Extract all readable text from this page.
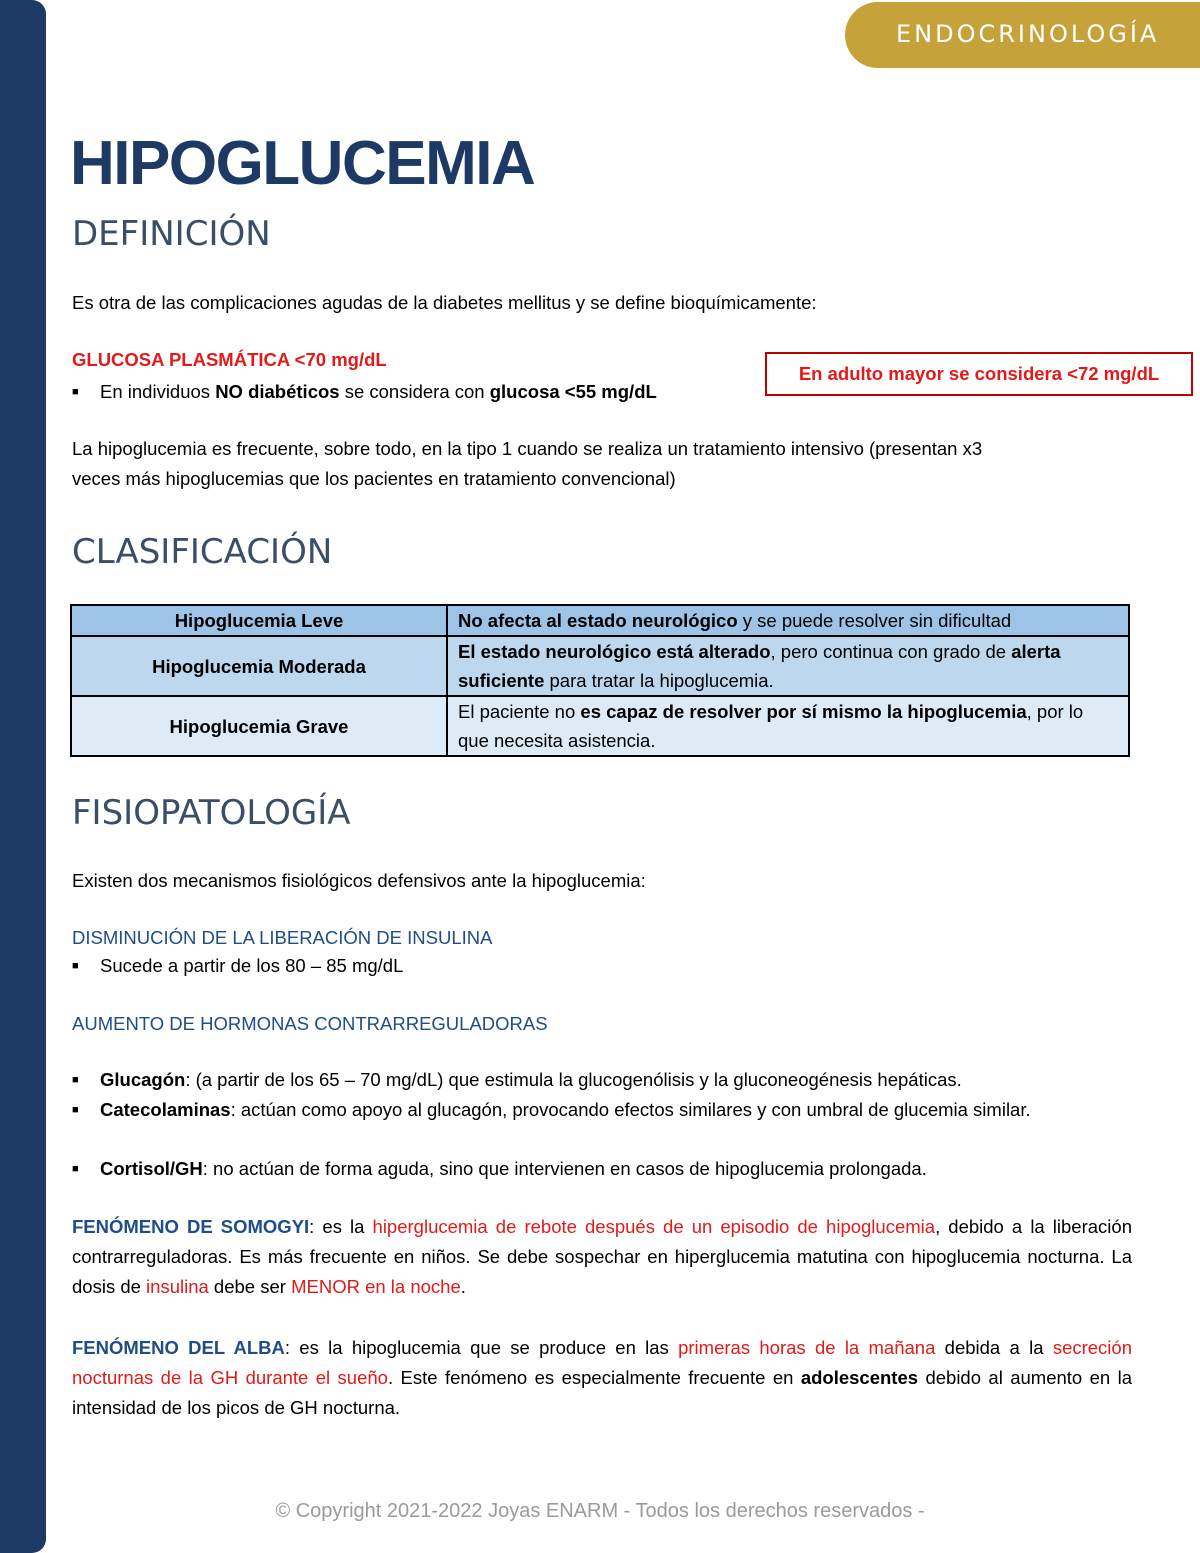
J
O
Y
A
S
E
N
A
R
M
ENDOCRINOLOGÍA
HIPOGLUCEMIA
DEFINICIÓN
Es otra de las complicaciones agudas de la diabetes mellitus y se define bioquímicamente:
GLUCOSA PLASMÁTICA <70 mg/dL
■ En individuos NO diabéticos se considera con glucosa <55 mg/dL
En adulto mayor se considera <72 mg/dL
La hipoglucemia es frecuente, sobre todo, en la tipo 1 cuando se realiza un tratamiento intensivo (presentan x3
veces más hipoglucemias que los pacientes en tratamiento convencional)
CLASIFICACIÓN
Hipoglucemia Leve	No afecta al estado neurológico y se puede resolver sin dificultad
Hipoglucemia Moderada	El estado neurológico está alterado, pero continua con grado de alerta suficiente para tratar la hipoglucemia.
Hipoglucemia Grave	El paciente no es capaz de resolver por sí mismo la hipoglucemia, por lo que necesita asistencia.
FISIOPATOLOGÍA
Existen dos mecanismos fisiológicos defensivos ante la hipoglucemia:
DISMINUCIÓN DE LA LIBERACIÓN DE INSULINA
■ Sucede a partir de los 80 – 85 mg/dL
AUMENTO DE HORMONAS CONTRARREGULADORAS
■ Glucagón: (a partir de los 65 – 70 mg/dL) que estimula la glucogenólisis y la gluconeogénesis hepáticas.
■ Catecolaminas: actúan como apoyo al glucagón, provocando efectos similares y con umbral de glucemia similar.
■ Cortisol/GH: no actúan de forma aguda, sino que intervienen en casos de hipoglucemia prolongada.
FENÓMENO DE SOMOGYI: es la hiperglucemia de rebote después de un episodio de hipoglucemia, debido a la liberación contrarreguladoras. Es más frecuente en niños. Se debe sospechar en hiperglucemia matutina con hipoglucemia nocturna. La dosis de insulina debe ser MENOR en la noche.
FENÓMENO DEL ALBA: es la hipoglucemia que se produce en las primeras horas de la mañana debida a la secreción nocturnas de la GH durante el sueño. Este fenómeno es especialmente frecuente en adolescentes debido al aumento en la intensidad de los picos de GH nocturna.
© Copyright 2021-2022 Joyas ENARM - Todos los derechos reservados -
